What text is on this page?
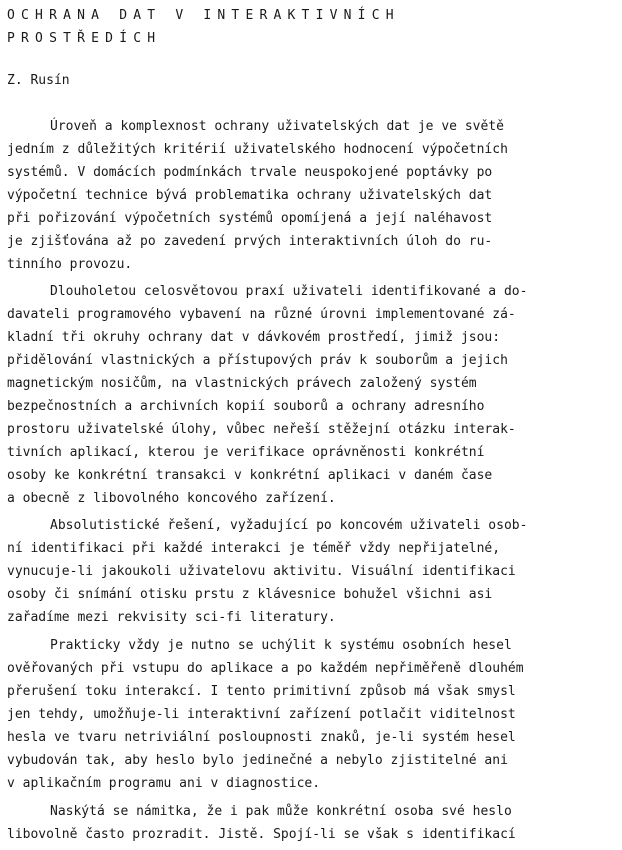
OCHRANA DAT V INTERAKTIVNÍCH
PROSTŘEDÍCH
Z. Rusín
Úroveň a komplexnost ochrany uživatelských dat je ve světě
jedním z důležitých kritérií uživatelského hodnocení výpočetních
systémů. V domácích podmínkách trvale neuspokojené poptávky po
výpočetní technice bývá problematika ochrany uživatelských dat
při pořizování výpočetních systémů opomíjená a její naléhavost
je zjišťována až po zavedení prvých interaktivních úloh do ru-
tinního provozu.
Dlouholetou celosvětovou praxí uživateli identifikované a do-
davateli programového vybavení na různé úrovni implementované zá-
kladní tři okruhy ochrany dat v dávkovém prostředí, jimiž jsou:
přidělování vlastnických a přístupových práv k souborům a jejich
magnetickým nosičům, na vlastnických právech založený systém
bezpečnostních a archivních kopií souborů a ochrany adresního
prostoru uživatelské úlohy, vůbec neřeší stěžejní otázku interak-
tivních aplikací, kterou je verifikace oprávněnosti konkrétní
osoby ke konkrétní transakci v konkrétní aplikaci v daném čase
a obecně z libovolného koncového zařízení.
Absolutistické řešení, vyžadující po koncovém uživateli osob-
ní identifikaci při každé interakci je téměř vždy nepřijatelné,
vynucuje-li jakoukoli uživatelovu aktivitu. Visuální identifikaci
osoby či snímání otisku prstu z klávesnice bohužel všichni asi
zařadíme mezi rekvisity sci-fi literatury.
Prakticky vždy je nutno se uchýlit k systému osobních hesel
ověřovaných při vstupu do aplikace a po každém nepřiměřeně dlouhém
přerušení toku interakcí. I tento primitivní způsob má však smysl
jen tehdy, umožňuje-li interaktivní zařízení potlačit viditelnost
hesla ve tvaru netriviální posloupnosti znaků, je-li systém hesel
vybudován tak, aby heslo bylo jedinečné a nebylo zjistitelné ani
v aplikačním programu ani v diagnostice.
Naskýtá se námitka, že i pak může konkrétní osoba své heslo
libovolně často prozradit. Jistě. Spojí-li se však s identifikací
